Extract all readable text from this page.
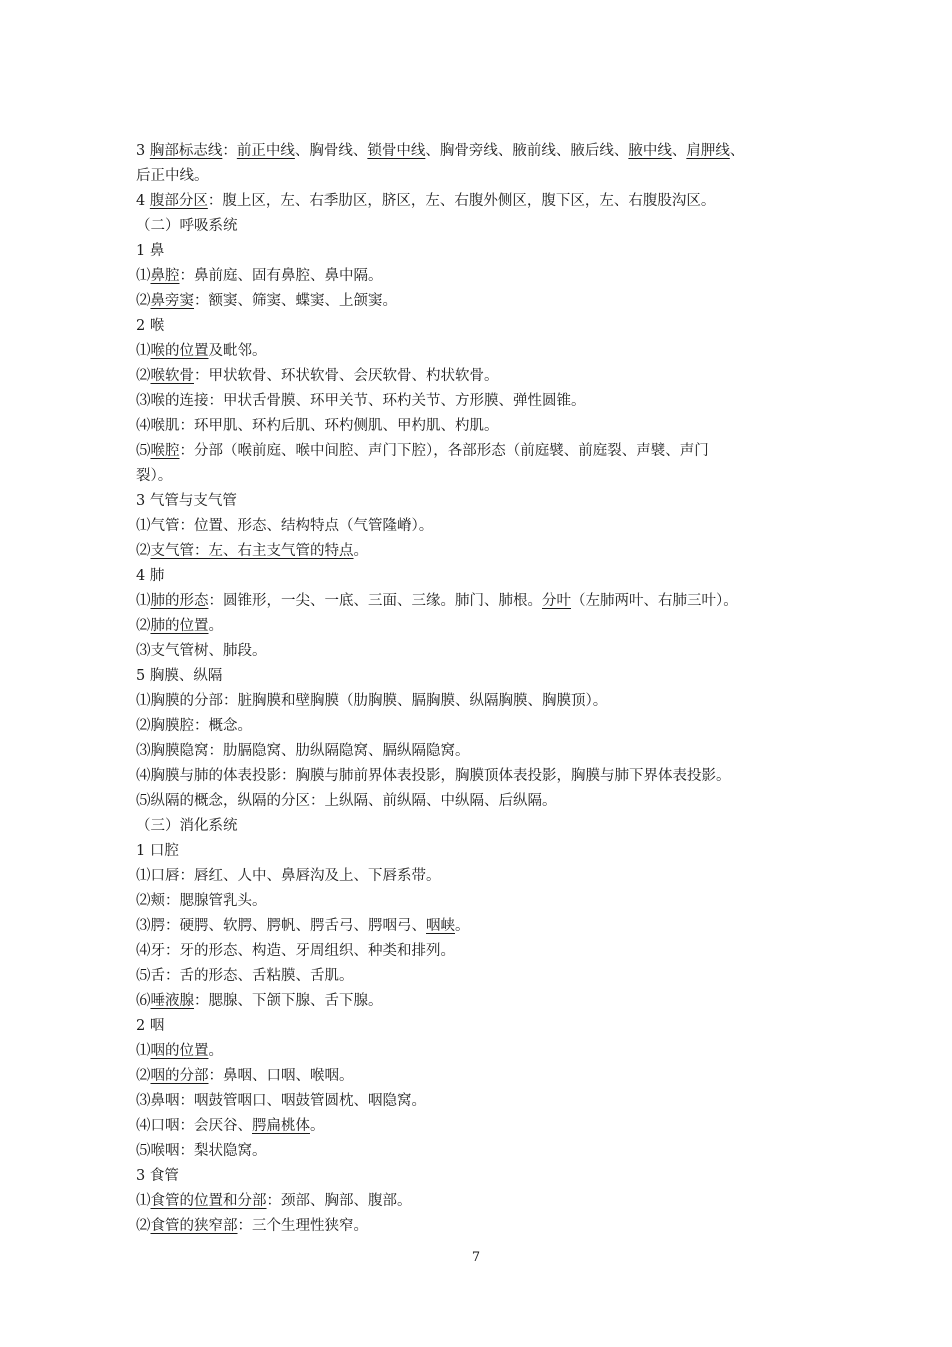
3 胸部标志线：前正中线、胸骨线、锁骨中线、胸骨旁线、腋前线、腋后线、腋中线、肩胛线、
后正中线。
4 腹部分区：腹上区，左、右季肋区，脐区，左、右腹外侧区，腹下区，左、右腹股沟区。
（二）呼吸系统
1 鼻
⑴鼻腔：鼻前庭、固有鼻腔、鼻中隔。
⑵鼻旁窦：额窦、筛窦、蝶窦、上颌窦。
2 喉
⑴喉的位置及毗邻。
⑵喉软骨：甲状软骨、环状软骨、会厌软骨、杓状软骨。
⑶喉的连接：甲状舌骨膜、环甲关节、环杓关节、方形膜、弹性圆锥。
⑷喉肌：环甲肌、环杓后肌、环杓侧肌、甲杓肌、杓肌。
⑸喉腔：分部（喉前庭、喉中间腔、声门下腔），各部形态（前庭襞、前庭裂、声襞、声门
裂）。
3 气管与支气管
⑴气管：位置、形态、结构特点（气管隆嵴）。
⑵支气管：左、右主支气管的特点。
4 肺
⑴肺的形态：圆锥形，一尖、一底、三面、三缘。肺门、肺根。分叶（左肺两叶、右肺三叶）。
⑵肺的位置。
⑶支气管树、肺段。
5 胸膜、纵隔
⑴胸膜的分部：脏胸膜和壁胸膜（肋胸膜、膈胸膜、纵隔胸膜、胸膜顶）。
⑵胸膜腔：概念。
⑶胸膜隐窝：肋膈隐窝、肋纵隔隐窝、膈纵隔隐窝。
⑷胸膜与肺的体表投影：胸膜与肺前界体表投影，胸膜顶体表投影，胸膜与肺下界体表投影。
⑸纵隔的概念，纵隔的分区：上纵隔、前纵隔、中纵隔、后纵隔。
（三）消化系统
1 口腔
⑴口唇：唇红、人中、鼻唇沟及上、下唇系带。
⑵颊：腮腺管乳头。
⑶腭：硬腭、软腭、腭帆、腭舌弓、腭咽弓、咽峡。
⑷牙：牙的形态、构造、牙周组织、种类和排列。
⑸舌：舌的形态、舌粘膜、舌肌。
⑹唾液腺：腮腺、下颌下腺、舌下腺。
2 咽
⑴咽的位置。
⑵咽的分部：鼻咽、口咽、喉咽。
⑶鼻咽：咽鼓管咽口、咽鼓管圆枕、咽隐窝。
⑷口咽：会厌谷、腭扁桃体。
⑸喉咽：梨状隐窝。
3 食管
⑴食管的位置和分部：颈部、胸部、腹部。
⑵食管的狭窄部：三个生理性狭窄。
7
